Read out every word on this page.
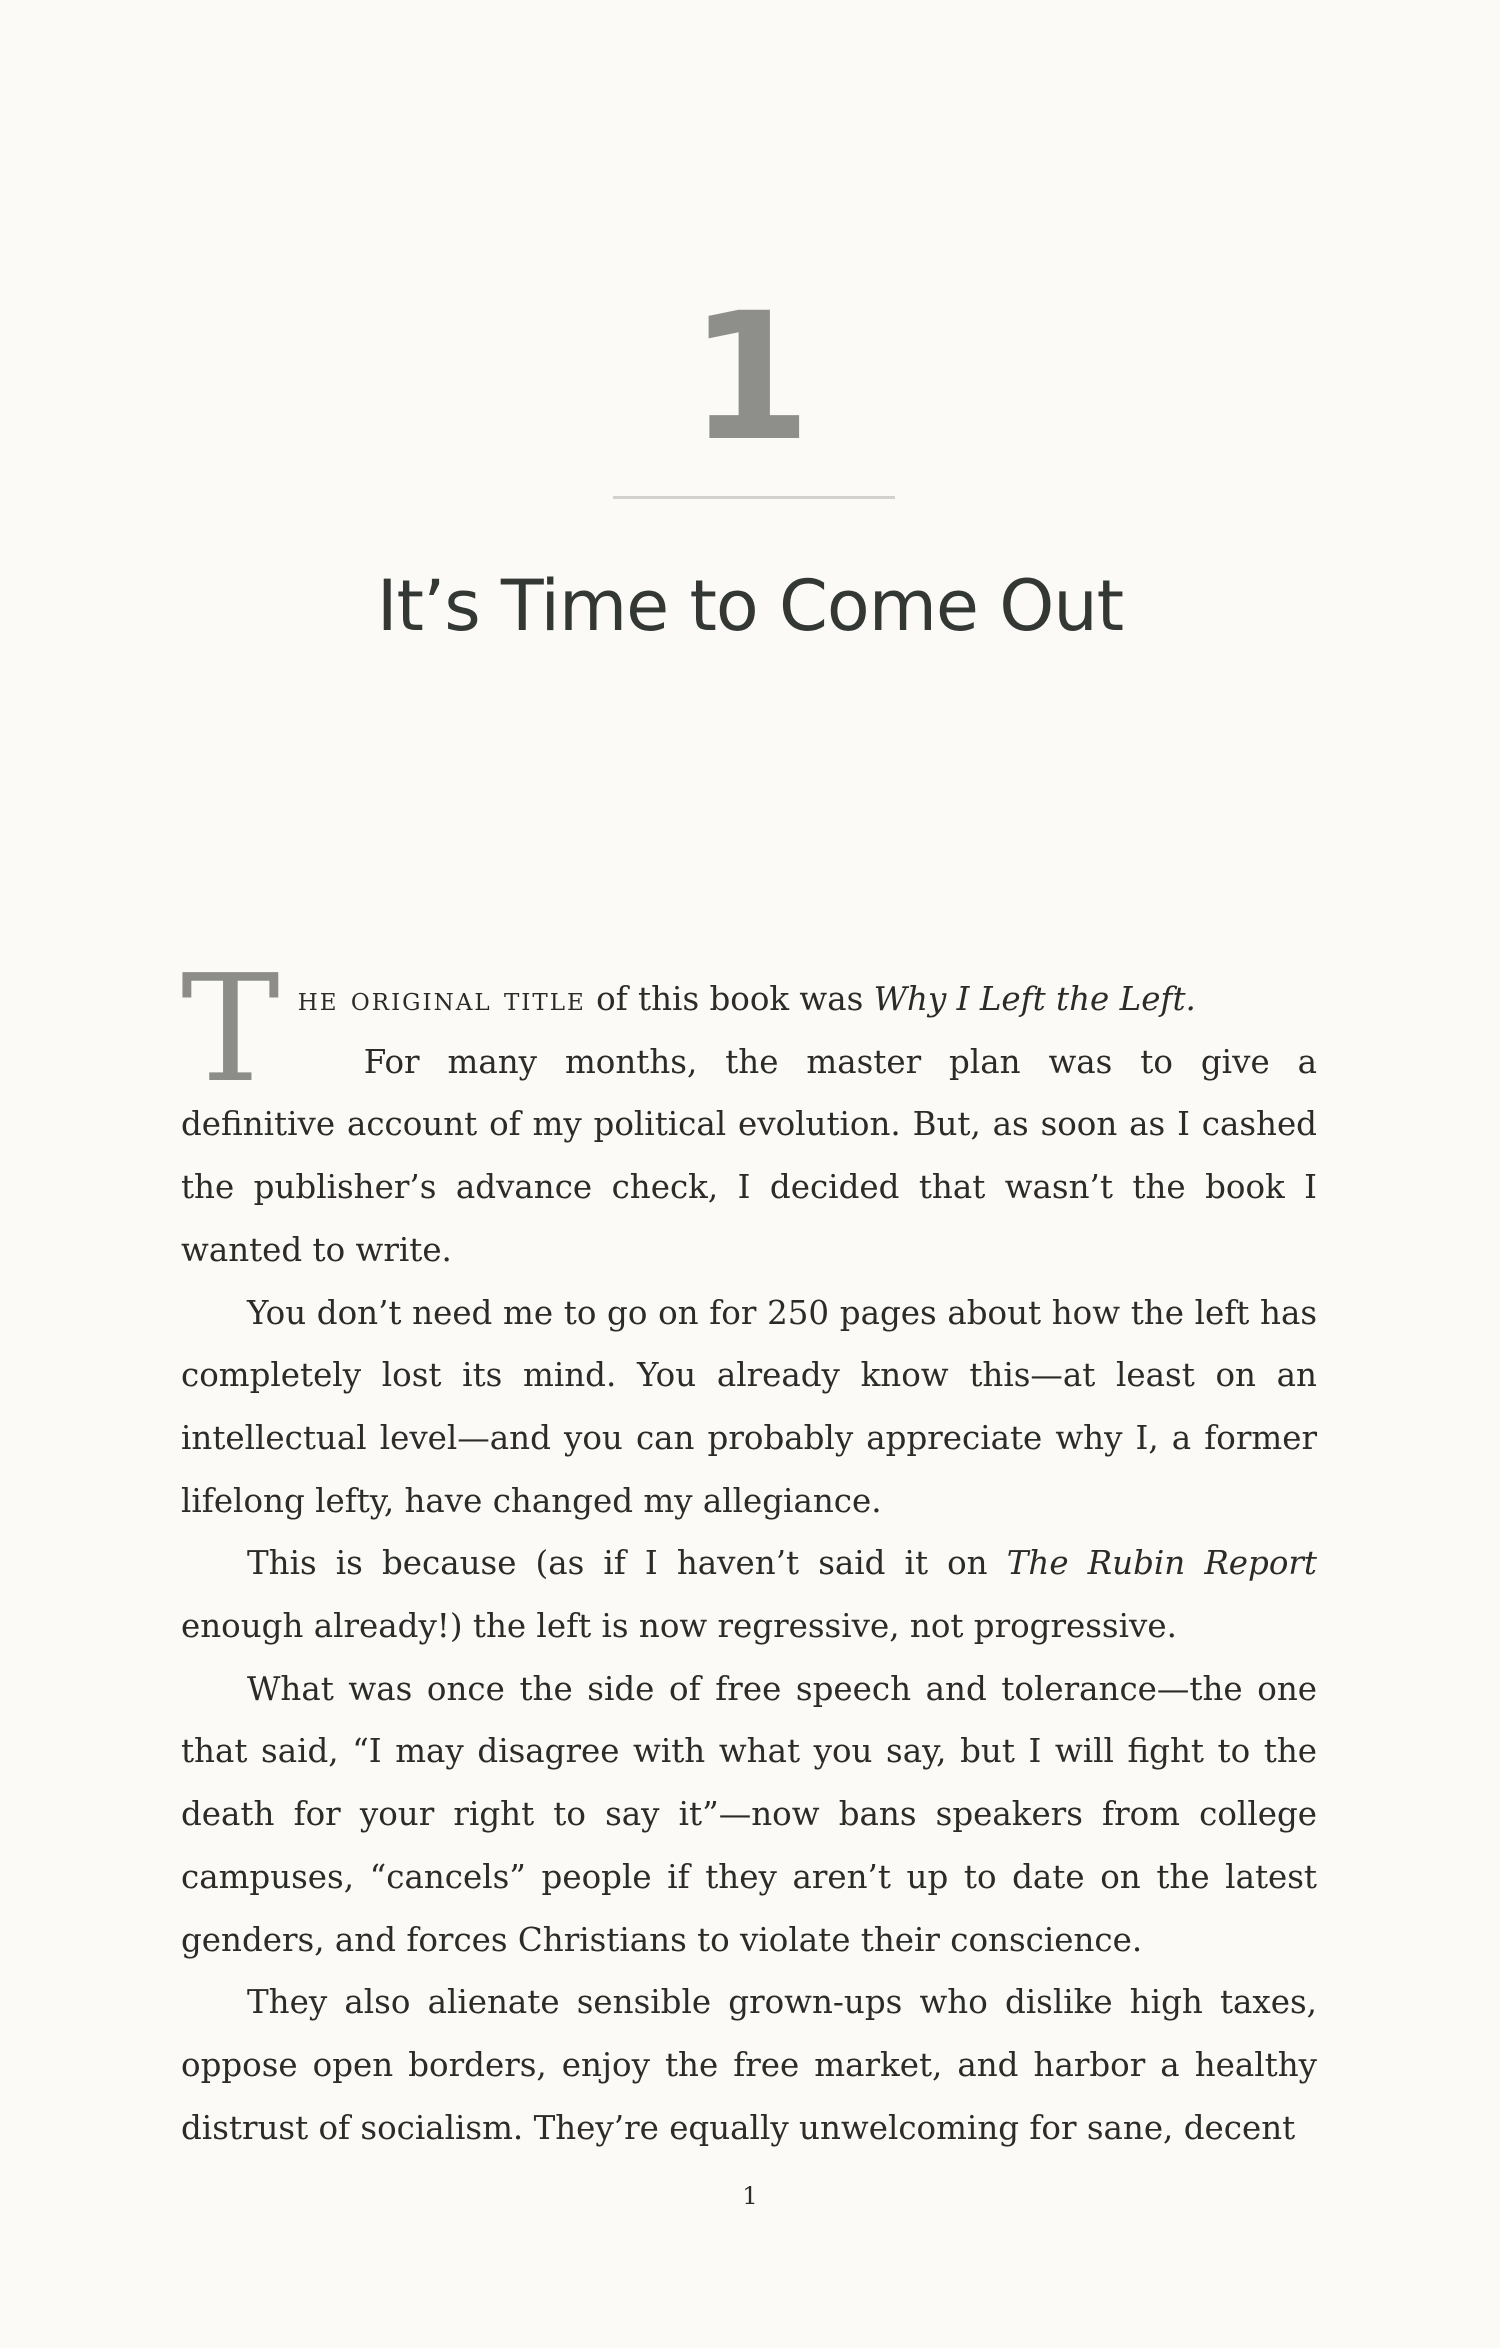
1
It’s Time to Come Out

The original title of this book was Why I Left the Left.

For many months, the master plan was to give a definitive account of my political evolution. But, as soon as I cashed the publisher’s advance check, I decided that wasn’t the book I wanted to write.

You don’t need me to go on for 250 pages about how the left has completely lost its mind. You already know this—at least on an intellectual level—and you can probably appreciate why I, a former lifelong lefty, have changed my allegiance.

This is because (as if I haven’t said it on The Rubin Report enough already!) the left is now regressive, not progressive.

What was once the side of free speech and tolerance—the one that said, “I may disagree with what you say, but I will fight to the death for your right to say it”—now bans speakers from college campuses, “cancels” people if they aren’t up to date on the latest genders, and forces Christians to violate their conscience.

They also alienate sensible grown-ups who dislike high taxes, oppose open borders, enjoy the free market, and harbor a healthy distrust of socialism. They’re equally unwelcoming for sane, decent

1
